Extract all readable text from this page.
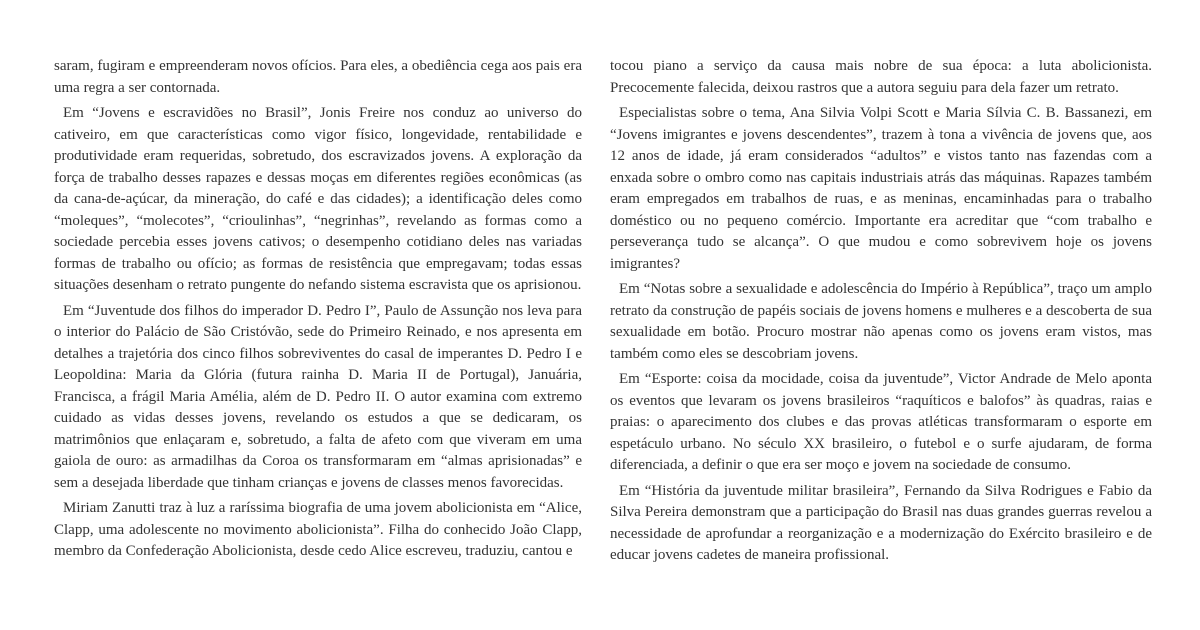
saram, fugiram e empreenderam novos ofícios. Para eles, a obediência cega aos pais era uma regra a ser contornada.

Em “Jovens e escravidões no Brasil”, Jonis Freire nos conduz ao universo do cativeiro, em que características como vigor físico, longevidade, rentabilidade e produtividade eram requeridas, sobretudo, dos escravizados jovens. A exploração da força de trabalho desses rapazes e dessas moças em diferentes regiões econômicas (as da cana-de-açúcar, da mineração, do café e das cidades); a identificação deles como “moleques”, “molecotes”, “crioulinhas”, “negrinhas”, revelando as formas como a sociedade percebia esses jovens cativos; o desempenho cotidiano deles nas variadas formas de trabalho ou ofício; as formas de resistência que empregavam; todas essas situações desenham o retrato pungente do nefando sistema escravista que os aprisionou.

Em “Juventude dos filhos do imperador D. Pedro I”, Paulo de Assunção nos leva para o interior do Palácio de São Cristóvão, sede do Primeiro Reinado, e nos apresenta em detalhes a trajetória dos cinco filhos sobreviventes do casal de imperantes D. Pedro I e Leopoldina: Maria da Glória (futura rainha D. Maria II de Portugal), Januária, Francisca, a frágil Maria Amélia, além de D. Pedro II. O autor examina com extremo cuidado as vidas desses jovens, revelando os estudos a que se dedicaram, os matrimônios que enlaçaram e, sobretudo, a falta de afeto com que viveram em uma gaiola de ouro: as armadilhas da Coroa os transformaram em “almas aprisionadas” e sem a desejada liberdade que tinham crianças e jovens de classes menos favorecidas.

Miriam Zanutti traz à luz a raríssima biografia de uma jovem abolicionista em “Alice, Clapp, uma adolescente no movimento abolicionista”. Filha do conhecido João Clapp, membro da Confederação Abolicionista, desde cedo Alice escreveu, traduziu, cantou e

tocou piano a serviço da causa mais nobre de sua época: a luta abolicionista. Precocemente falecida, deixou rastros que a autora seguiu para dela fazer um retrato.

Especialistas sobre o tema, Ana Silvia Volpi Scott e Maria Sílvia C. B. Bassanezi, em “Jovens imigrantes e jovens descendentes”, trazem à tona a vivência de jovens que, aos 12 anos de idade, já eram considerados “adultos” e vistos tanto nas fazendas com a enxada sobre o ombro como nas capitais industriais atrás das máquinas. Rapazes também eram empregados em trabalhos de ruas, e as meninas, encaminhadas para o trabalho doméstico ou no pequeno comércio. Importante era acreditar que “com trabalho e perseverança tudo se alcança”. O que mudou e como sobrevivem hoje os jovens imigrantes?

Em “Notas sobre a sexualidade e adolescência do Império à República”, traço um amplo retrato da construção de papéis sociais de jovens homens e mulheres e a descoberta de sua sexualidade em botão. Procuro mostrar não apenas como os jovens eram vistos, mas também como eles se descobriam jovens.

Em “Esporte: coisa da mocidade, coisa da juventude”, Victor Andrade de Melo aponta os eventos que levaram os jovens brasileiros “raquíticos e balofos” às quadras, raias e praias: o aparecimento dos clubes e das provas atléticas transformaram o esporte em espetáculo urbano. No século XX brasileiro, o futebol e o surfe ajudaram, de forma diferenciada, a definir o que era ser moço e jovem na sociedade de consumo.

Em “História da juventude militar brasileira”, Fernando da Silva Rodrigues e Fabio da Silva Pereira demonstram que a participação do Brasil nas duas grandes guerras revelou a necessidade de aprofundar a reorganização e a modernização do Exército brasileiro e de educar jovens cadetes de maneira profissional.
